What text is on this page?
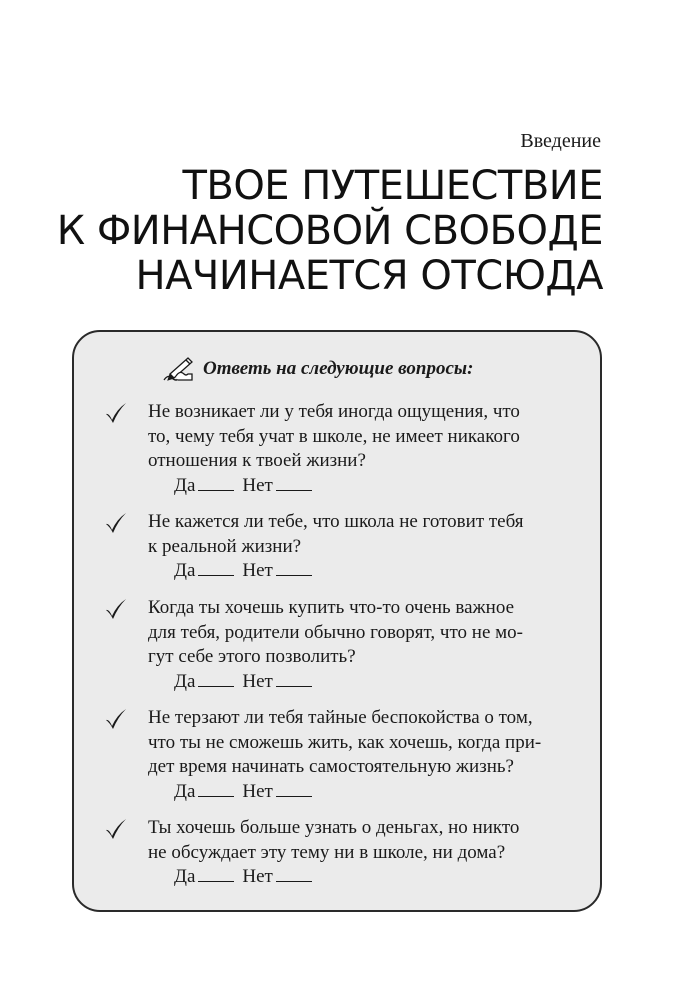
Введение
ТВОЕ ПУТЕШЕСТВИЕ
К ФИНАНСОВОЙ СВОБОДЕ
НАЧИНАЕТСЯ ОТСЮДА
Ответь на следующие вопросы:
Не возникает ли у тебя иногда ощущения, что
то, чему тебя учат в школе, не имеет никакого
отношения к твоей жизни?
Да Нет
Не кажется ли тебе, что школа не готовит тебя
к реальной жизни?
Да Нет
Когда ты хочешь купить что-то очень важное
для тебя, родители обычно говорят, что не мо-
гут себе этого позволить?
Да Нет
Не терзают ли тебя тайные беспокойства о том,
что ты не сможешь жить, как хочешь, когда при-
дет время начинать самостоятельную жизнь?
Да Нет
Ты хочешь больше узнать о деньгах, но никто
не обсуждает эту тему ни в школе, ни дома?
Да Нет
